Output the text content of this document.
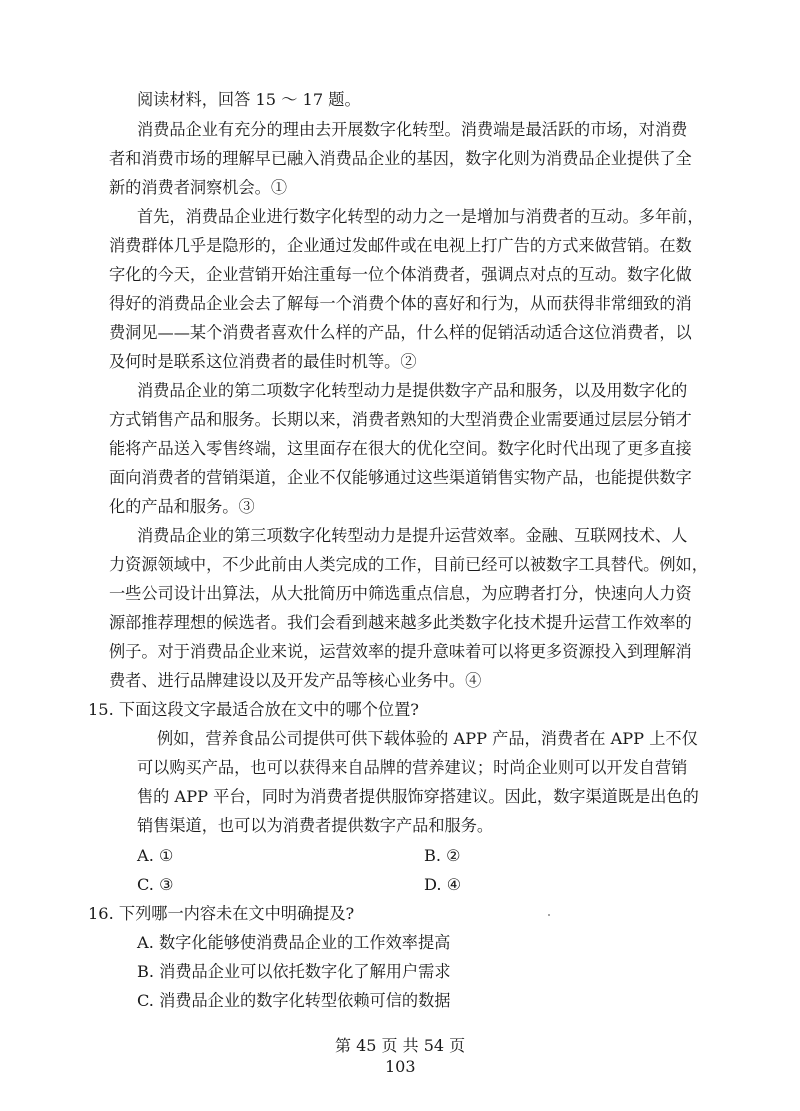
阅读材料，回答 15 ～ 17 题。
消费品企业有充分的理由去开展数字化转型。消费端是最活跃的市场，对消费
者和消费市场的理解早已融入消费品企业的基因，数字化则为消费品企业提供了全
新的消费者洞察机会。①
首先，消费品企业进行数字化转型的动力之一是增加与消费者的互动。多年前，
消费群体几乎是隐形的，企业通过发邮件或在电视上打广告的方式来做营销。在数
字化的今天，企业营销开始注重每一位个体消费者，强调点对点的互动。数字化做
得好的消费品企业会去了解每一个消费个体的喜好和行为，从而获得非常细致的消
费洞见——某个消费者喜欢什么样的产品，什么样的促销活动适合这位消费者，以
及何时是联系这位消费者的最佳时机等。②
消费品企业的第二项数字化转型动力是提供数字产品和服务，以及用数字化的
方式销售产品和服务。长期以来，消费者熟知的大型消费企业需要通过层层分销才
能将产品送入零售终端，这里面存在很大的优化空间。数字化时代出现了更多直接
面向消费者的营销渠道，企业不仅能够通过这些渠道销售实物产品，也能提供数字
化的产品和服务。③
消费品企业的第三项数字化转型动力是提升运营效率。金融、互联网技术、人
力资源领域中，不少此前由人类完成的工作，目前已经可以被数字工具替代。例如，
一些公司设计出算法，从大批简历中筛选重点信息，为应聘者打分，快速向人力资
源部推荐理想的候选者。我们会看到越来越多此类数字化技术提升运营工作效率的
例子。对于消费品企业来说，运营效率的提升意味着可以将更多资源投入到理解消
费者、进行品牌建设以及开发产品等核心业务中。④
15. 下面这段文字最适合放在文中的哪个位置?
例如，营养食品公司提供可供下载体验的 APP 产品，消费者在 APP 上不仅
可以购买产品，也可以获得来自品牌的营养建议；时尚企业则可以开发自营销
售的 APP 平台，同时为消费者提供服饰穿搭建议。因此，数字渠道既是出色的
销售渠道，也可以为消费者提供数字产品和服务。
A. ①	B. ②
C. ③	D. ④
16. 下列哪一内容未在文中明确提及?
A. 数字化能够使消费品企业的工作效率提高
B. 消费品企业可以依托数字化了解用户需求
C. 消费品企业的数字化转型依赖可信的数据
第 45 页 共 54 页
103
